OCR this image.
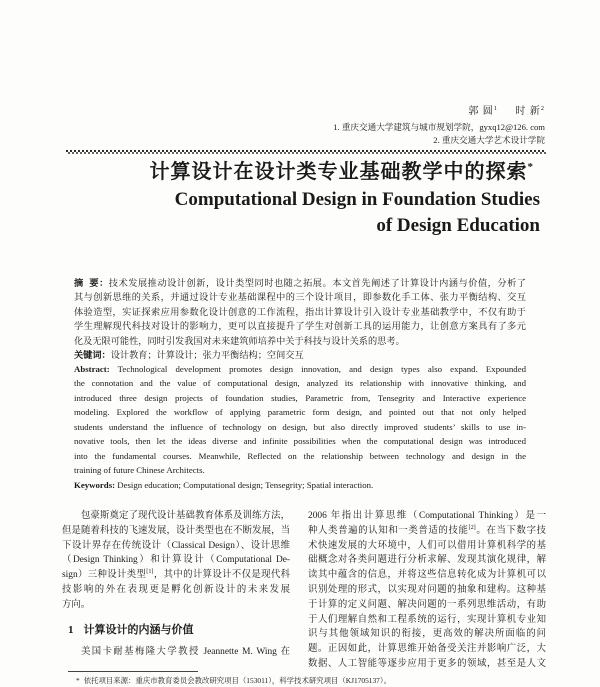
郭 圆$^1$ 时 新$^2$
1. 重庆交通大学建筑与城市规划学院，gyxq12@126. com
2. 重庆交通大学艺术设计学院
计算设计在设计类专业基础教学中的探索*
Computational Design in Foundation Studies
of Design Education
摘  要：技术发展推动设计创新，设计类型同时也随之拓展。本文首先阐述了计算设计内涵与价值，分析了
其与创新思维的关系，并通过设计专业基础课程中的三个设计项目，即参数化手工体、张力平衡结构、交互
体验造型，实证探索应用参数化设计创意的工作流程，指出计算设计引入设计专业基础教学中，不仅有助于
学生理解现代科技对设计的影响力，更可以直接提升了学生对创新工具的运用能力，让创意方案具有了多元
化及无限可能性，同时引发我国对未来建筑师培养中关于科技与设计关系的思考。
关键词：设计教育；计算设计；张力平衡结构；空间交互
Abstract: Technological development promotes design innovation, and design types also expand. Expounded
the connotation and the value of computational design, analyzed its relationship with innovative thinking, and
introduced three design projects of foundation studies, Parametric from, Tensegrity and Interactive experience
modeling. Explored the workflow of applying parametric form design, and pointed out that not only helped
students understand the influence of technology on design, but also directly improved students’ skills to use in-
novative tools, then let the ideas diverse and infinite possibilities when the computational design was introduced
into the fundamental courses. Meanwhile, Reflected on the relationship between technology and design in the
training of future Chinese Architects.
Keywords: Design education; Computational design; Tensegrity; Spatial interaction.
包豪斯奠定了现代设计基础教育体系及训练方法，
但是随着科技的飞速发展，设计类型也在不断发展，当
下设计界存在传统设计（Classical Design）、设计思维
（Design Thinking）和计算设计（Computational De-
sign）三种设计类型[1]，其中的计算设计不仅是现代科
技影响的外在表现更是孵化创新设计的未来发展
方向。
1 计算设计的内涵与价值
美国卡耐基梅隆大学教授 Jeannette M. Wing 在
2006 年指出计算思维（Computational Thinking）是一
种人类普遍的认知和一类普适的技能[2]。在当下数字技
术快速发展的大环境中，人们可以借用计算机科学的基
础概念对各类问题进行分析求解、发现其演化规律，解
读其中蕴含的信息，并将这些信息转化成为计算机可以
识别处理的形式，以实现对问题的抽象和建构。这种基
于计算的定义问题、解决问题的一系列思维活动，有助
于人们理解自然和工程系统的运行，实现计算机专业知
识与其他领域知识的衔接，更高效的解决所面临的问
题。正因如此，计算思维开始备受关注并影响广泛，大
数据、人工智能等逐步应用于更多的领域，甚至是人文
* 依托项目来源：重庆市教育委员会教改研究项目（153011），科学技术研究项目（KJ1705137）。
